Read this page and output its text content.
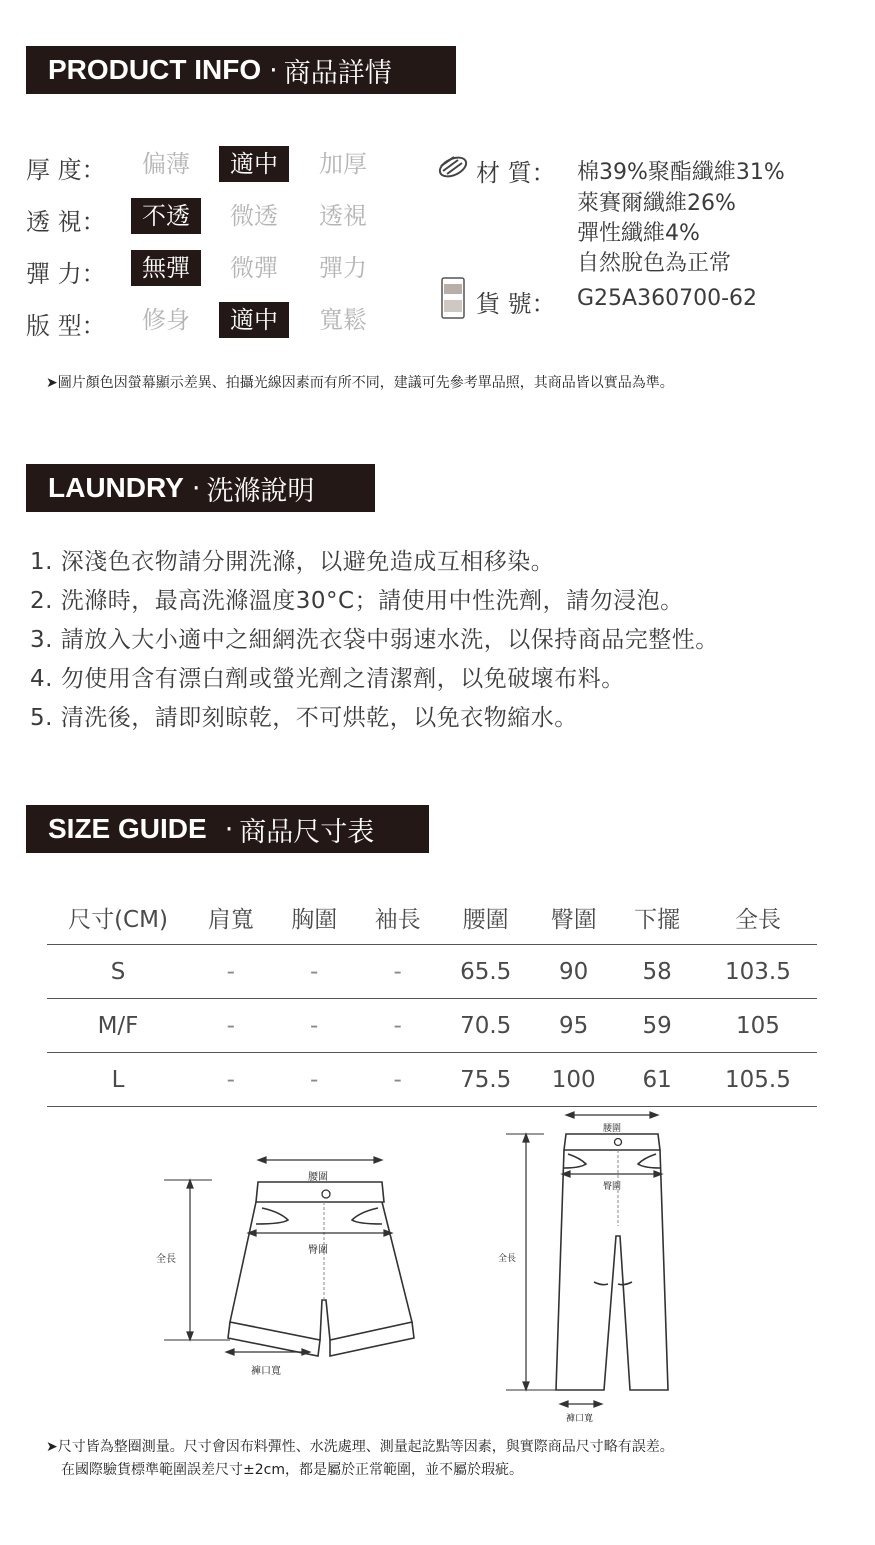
PRODUCT INFO · 商品詳情
厚 度：	偏薄	適中	加厚
透 視：	不透	微透	透視
彈 力：	無彈	微彈	彈力
版 型：	修身	適中	寬鬆
材 質： 棉39%聚酯纖維31%
萊賽爾纖維26%
彈性纖維4%
自然脫色為正常
貨 號： G25A360700-62
➤圖片顏色因螢幕顯示差異、拍攝光線因素而有所不同，建議可先參考單品照，其商品皆以實品為準。
LAUNDRY · 洗滌說明
1. 深淺色衣物請分開洗滌，以避免造成互相移染。
2. 洗滌時，最高洗滌溫度30°C；請使用中性洗劑，請勿浸泡。
3. 請放入大小適中之細網洗衣袋中弱速水洗，以保持商品完整性。
4. 勿使用含有漂白劑或螢光劑之清潔劑，以免破壞布料。
5. 清洗後，請即刻晾乾，不可烘乾，以免衣物縮水。
SIZE GUIDE · 商品尺寸表
尺寸(CM)	肩寬	胸圍	袖長	腰圍	臀圍	下擺	全長
S	-	-	-	65.5	90	58	103.5
M/F	-	-	-	70.5	95	59	105
L	-	-	-	75.5	100	61	105.5
腰圍
臀圍
全長
褲口寬
腰圍
臀圍
全長
褲口寬
➤尺寸皆為整圈測量。尺寸會因布料彈性、水洗處理、測量起訖點等因素，與實際商品尺寸略有誤差。
在國際驗貨標準範圍誤差尺寸±2cm，都是屬於正常範圍，並不屬於瑕疵。
